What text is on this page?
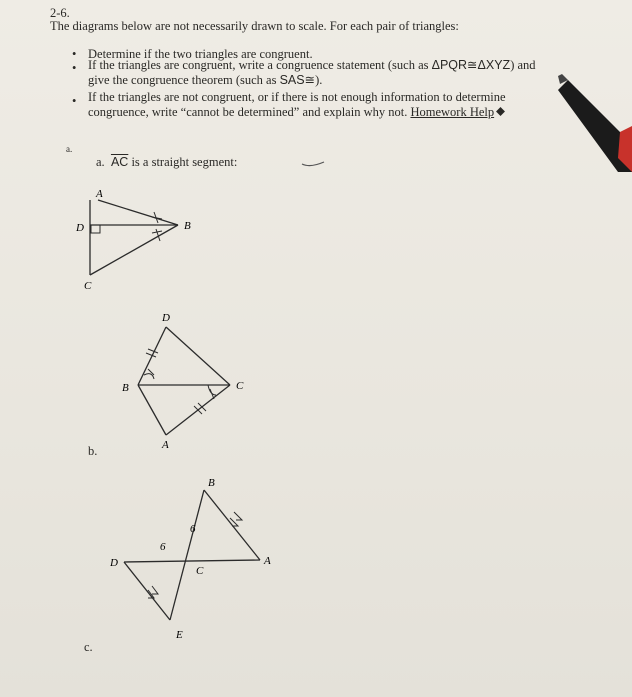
2-6.
The diagrams below are not necessarily drawn to scale. For each pair of triangles:
• Determine if the two triangles are congruent.
• If the triangles are congruent, write a congruence statement (such as ΔPQR≅ΔXYZ) and
give the congruence theorem (such as SAS≅).
• If the triangles are not congruent, or if there is not enough information to determine
congruence, write “cannot be determined” and explain why not. Homework Help
a.
a. $\overline{AC}$ is a straight segment:
A
D	B
C
D
B	C
A
b.
B
D
C
A
E
6
6
c.
